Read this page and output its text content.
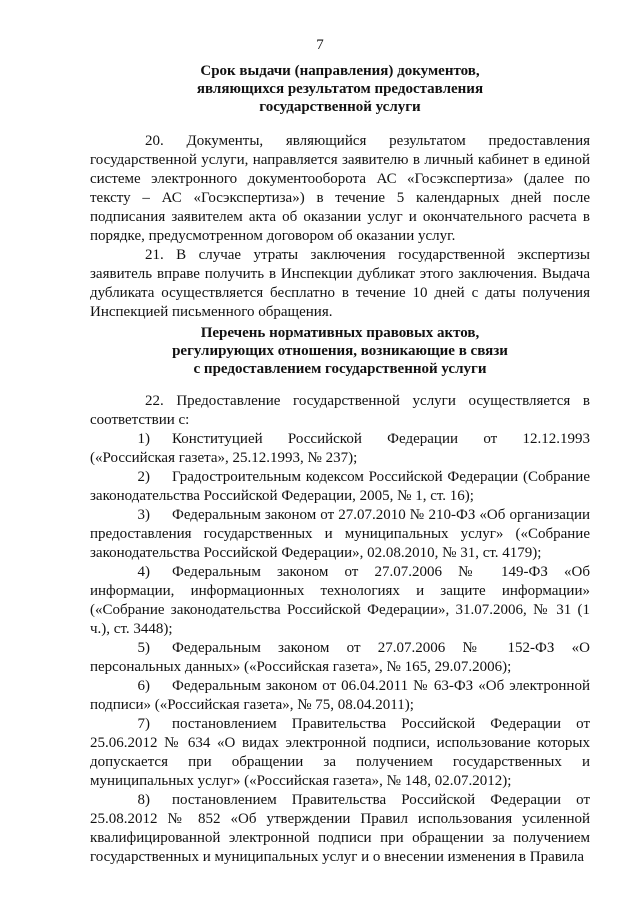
7
Срок выдачи (направления) документов,
являющихся результатом предоставления
государственной услуги

20. Документы, являющийся результатом предоставления государственной услуги, направляется заявителю в личный кабинет в единой системе электронного документооборота АС «Госэкспертиза» (далее по тексту – АС «Госэкспертиза») в течение 5 календарных дней после подписания заявителем акта об оказании услуг и окончательного расчета в порядке, предусмотренном договором об оказании услуг.

21. В случае утраты заключения государственной экспертизы заявитель вправе получить в Инспекции дубликат этого заключения. Выдача дубликата осуществляется бесплатно в течение 10 дней с даты получения Инспекцией письменного обращения.

Перечень нормативных правовых актов,
регулирующих отношения, возникающие в связи
с предоставлением государственной услуги

22. Предоставление государственной услуги осуществляется в соответствии с:

1) Конституцией Российской Федерации от 12.12.1993 («Российская газета», 25.12.1993, № 237);

2) Градостроительным кодексом Российской Федерации (Собрание законодательства Российской Федерации, 2005, № 1, ст. 16);

3) Федеральным законом от 27.07.2010 № 210-ФЗ «Об организации предоставления государственных и муниципальных услуг» («Собрание законодательства Российской Федерации», 02.08.2010, № 31, ст. 4179);

4) Федеральным законом от 27.07.2006 № 149-ФЗ «Об информации, информационных технологиях и защите информации» («Собрание законодательства Российской Федерации», 31.07.2006, № 31 (1 ч.), ст. 3448);

5) Федеральным законом от 27.07.2006 № 152-ФЗ «О персональных данных» («Российская газета», № 165, 29.07.2006);

6) Федеральным законом от 06.04.2011 № 63-ФЗ «Об электронной подписи» («Российская газета», № 75, 08.04.2011);

7) постановлением Правительства Российской Федерации от 25.06.2012 № 634 «О видах электронной подписи, использование которых допускается при обращении за получением государственных и муниципальных услуг» («Российская газета», № 148, 02.07.2012);

8) постановлением Правительства Российской Федерации от 25.08.2012 № 852 «Об утверждении Правил использования усиленной квалифицированной электронной подписи при обращении за получением государственных и муниципальных услуг и о внесении изменения в Правила
